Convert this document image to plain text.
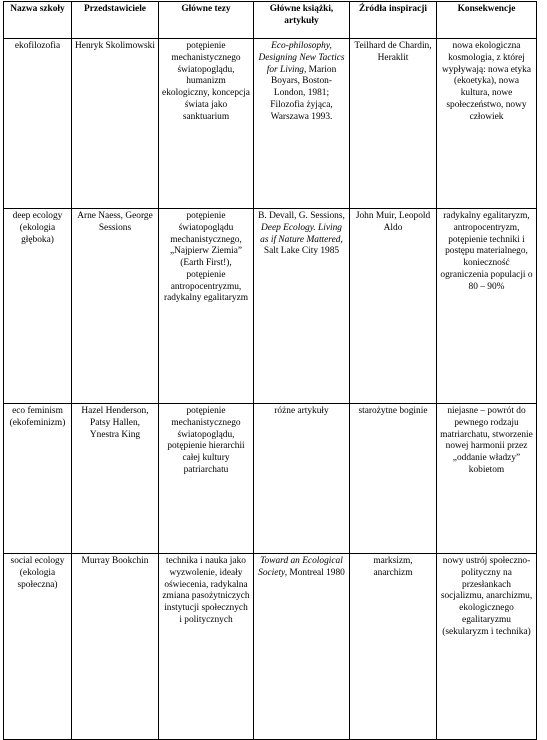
Nazwa szkoły	Przedstawiciele	Główne tezy	Główne książki, artykuły	Źródła inspiracji	Konsekwencje
ekofilozofia	Henryk Skolimowski	potępienie mechanistycznego światopoglądu, humanizm ekologiczny, koncepcja świata jako sanktuarium	Eco-philosophy, Designing New Tactics for Living, Marion Boyars, Boston-London, 1981; Filozofia żyjąca, Warszawa 1993.	Teilhard de Chardin, Heraklit	nowa ekologiczna kosmologia, z której wypływają: nowa etyka (ekoetyka), nowa kultura, nowe społeczeństwo, nowy człowiek
deep ecology (ekologia głęboka)	Arne Naess, George Sessions	potępienie światopoglądu mechanistycznego, „Najpierw Ziemia” (Earth First!), potępienie antropocentryzmu, radykalny egalitaryzm	B. Devall, G. Sessions, Deep Ecology. Living as if Nature Mattered, Salt Lake City 1985	John Muir, Leopold Aldo	radykalny egalitaryzm, antropocentryzm, potępienie techniki i postępu materialnego, konieczność ograniczenia populacji o 80 – 90%
eco feminism (ekofeminizm)	Hazel Henderson, Patsy Hallen, Ynestra King	potępienie mechanistycznego światopoglądu, potępienie hierarchii całej kultury patriarchatu	różne artykuły	starożytne boginie	niejasne – powrót do pewnego rodzaju matriarchatu, stworzenie nowej harmonii przez „oddanie władzy” kobietom
social ecology (ekologia społeczna)	Murray Bookchin	technika i nauka jako wyzwolenie, ideały oświecenia, radykalna zmiana pasożytniczych instytucji społecznych i politycznych	Toward an Ecological Society, Montreal 1980	marksizm, anarchizm	nowy ustrój społeczno-polityczny na przesłankach socjalizmu, anarchizmu, ekologicznego egalitaryzmu (sekularyzm i technika)
